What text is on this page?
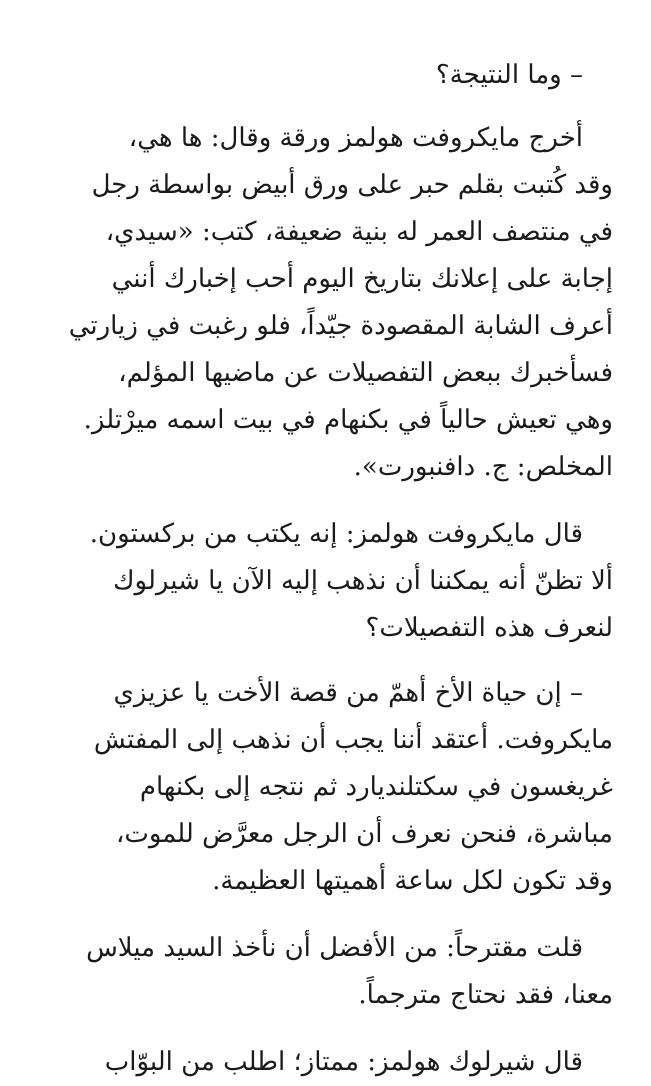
– وما النتيجة؟
أخرج مايكروفت هولمز ورقة وقال: ها هي،
وقد كُتبت بقلم حبر على ورق أبيض بواسطة رجل
في منتصف العمر له بنية ضعيفة، كتب: «سيدي،
إجابة على إعلانك بتاريخ اليوم أحب إخبارك أنني
أعرف الشابة المقصودة جيّداً، فلو رغبت في زيارتي
فسأخبرك ببعض التفصيلات عن ماضيها المؤلم،
وهي تعيش حالياً في بكنهام في بيت اسمه ميرْتلز.
المخلص: ج. دافنبورت».
قال مايكروفت هولمز: إنه يكتب من بركستون.
ألا تظنّ أنه يمكننا أن نذهب إليه الآن يا شيرلوك
لنعرف هذه التفصيلات؟
– إن حياة الأخ أهمّ من قصة الأخت يا عزيزي
مايكروفت. أعتقد أننا يجب أن نذهب إلى المفتش
غريغسون في سكتلنديارد ثم نتجه إلى بكنهام
مباشرة، فنحن نعرف أن الرجل معرَّض للموت،
وقد تكون لكل ساعة أهميتها العظيمة.
قلت مقترحاً: من الأفضل أن نأخذ السيد ميلاس
معنا، فقد نحتاج مترجماً.
قال شيرلوك هولمز: ممتاز؛ اطلب من البوّاب
